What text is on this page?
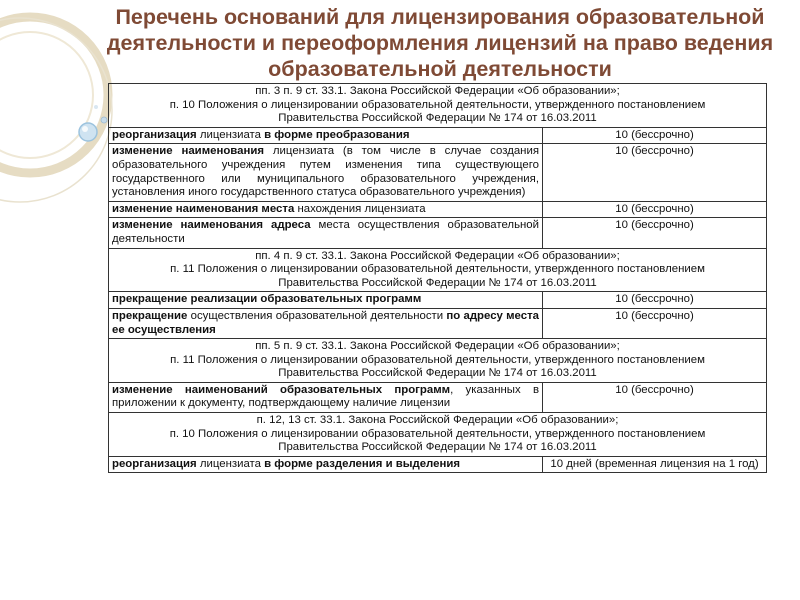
Перечень оснований для лицензирования образовательной
деятельности и переоформления лицензий на право ведения
образовательной деятельности
пп. 3 п. 9 ст. 33.1. Закона Российской Федерации «Об образовании»;
п. 10 Положения о лицензировании образовательной деятельности, утвержденного постановлением
Правительства Российской Федерации № 174 от 16.03.2011	

реорганизация лицензиата в форме преобразования	10 (бессрочно)
изменение наименования лицензиата (в том числе в случае создания образовательного учреждения путем изменения типа существующего государственного или муниципального образовательного учреждения, установления иного государственного статуса образовательного учреждения)	10 (бессрочно)
изменение наименования места нахождения лицензиата	10 (бессрочно)
изменение наименования адреса места осуществления образовательной деятельности	10 (бессрочно)

пп. 4 п. 9 ст. 33.1. Закона Российской Федерации «Об образовании»;
п. 11 Положения о лицензировании образовательной деятельности, утвержденного постановлением
Правительства Российской Федерации № 174 от 16.03.2011	

прекращение реализации образовательных программ	10 (бессрочно)
прекращение осуществления образовательной деятельности по адресу места ее осуществления	10 (бессрочно)

пп. 5 п. 9 ст. 33.1. Закона Российской Федерации «Об образовании»;
п. 11 Положения о лицензировании образовательной деятельности, утвержденного постановлением
Правительства Российской Федерации № 174 от 16.03.2011	

изменение наименований образовательных программ, указанных в приложении к документу, подтверждающему наличие лицензии	10 (бессрочно)

п. 12, 13 ст. 33.1. Закона Российской Федерации «Об образовании»;
п. 10 Положения о лицензировании образовательной деятельности, утвержденного постановлением
Правительства Российской Федерации № 174 от 16.03.2011	

реорганизация лицензиата в форме разделения и выделения	10 дней (временная лицензия на 1 год)
